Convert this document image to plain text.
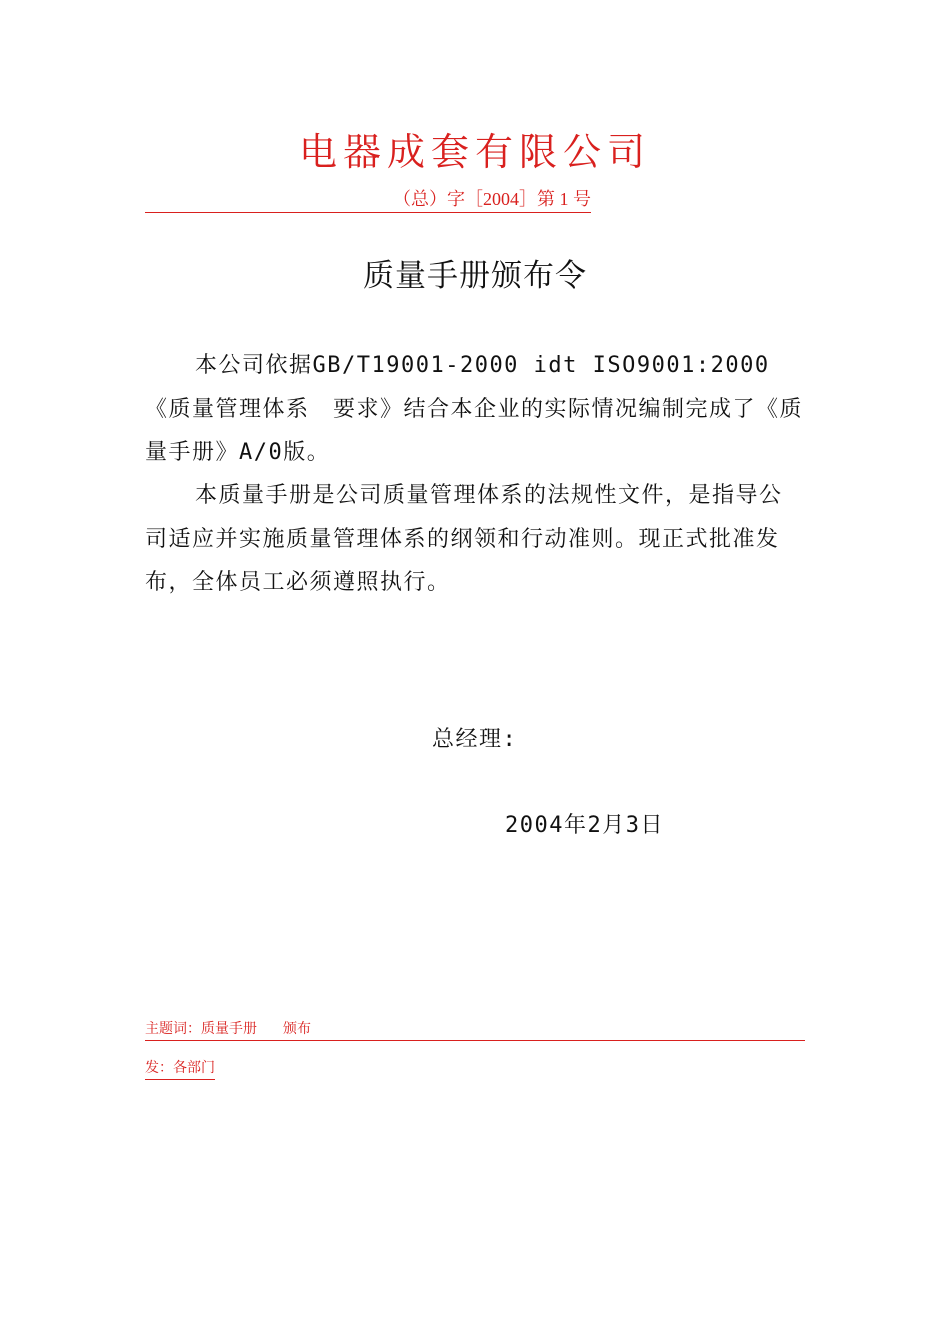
电器成套有限公司
（总）字［2004］第 1 号
质量手册颁布令

本公司依据GB/T19001-2000 idt ISO9001:2000《质量管理体系　要求》结合本企业的实际情况编制完成了《质量手册》A/0版。

本质量手册是公司质量管理体系的法规性文件，是指导公司适应并实施质量管理体系的纲领和行动准则。现正式批准发布，全体员工必须遵照执行。

总经理:
2004年2月3日
主题词：质量手册 颁布
发：各部门
